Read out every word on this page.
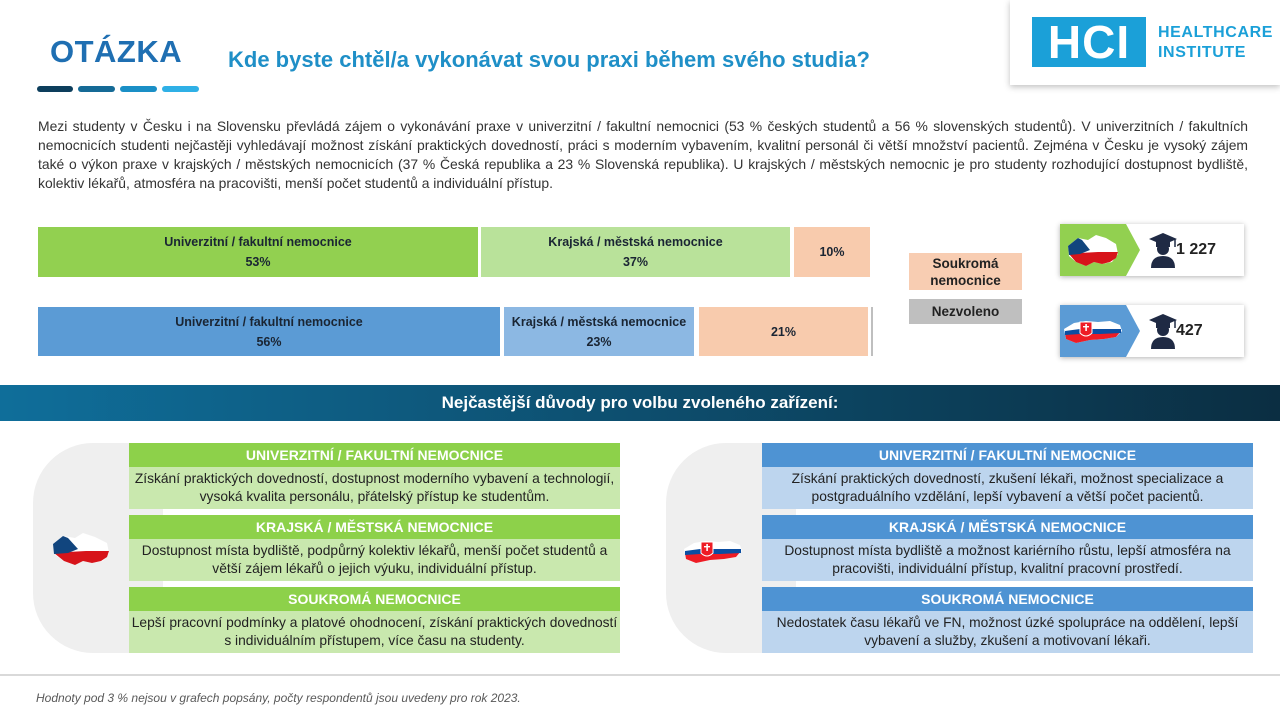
OTÁZKA Kde byste chtěl/a vykonávat svou praxi během svého studia?	HCI	HEALTHCARE
INSTITUTE
Mezi studenty v Česku i na Slovensku převládá zájem o vykonávání praxe v univerzitní / fakultní nemocnici (53 % českých studentů a 56 % slovenských studentů). V univerzitních / fakultních nemocnicích studenti nejčastěji vyhledávají možnost získání praktických dovedností, práci s moderním vybavením, kvalitní personál či větší množství pacientů. Zejména v Česku je vysoký zájem také o výkon praxe v krajských / městských nemocnicích (37 % Česká republika a 23 % Slovenská republika). U krajských / městských nemocnic je pro studenty rozhodující dostupnost bydliště, kolektiv lékařů, atmosféra na pracovišti, menší počet studentů a individuální přístup.
Univerzitní / fakultní nemocnice
53%
Krajská / městská nemocnice
37%
10%
Univerzitní / fakultní nemocnice
56%
Krajská / městská nemocnice
23%
21%
Soukromá nemocnice
Nezvoleno
1 227
427
Nejčastější důvody pro volbu zvoleného zařízení:
UNIVERZITNÍ / FAKULTNÍ NEMOCNICE
Získání praktických dovedností, dostupnost moderního vybavení a technologií, vysoká kvalita personálu, přátelský přístup ke studentům.
KRAJSKÁ / MĚSTSKÁ NEMOCNICE
Dostupnost místa bydliště, podpůrný kolektiv lékařů, menší počet studentů a větší zájem lékařů o jejich výuku, individuální přístup.
SOUKROMÁ NEMOCNICE
Lepší pracovní podmínky a platové ohodnocení, získání praktických dovedností s individuálním přístupem, více času na studenty.
UNIVERZITNÍ / FAKULTNÍ NEMOCNICE
Získání praktických dovedností, zkušení lékaři, možnost specializace a postgraduálního vzdělání, lepší vybavení a větší počet pacientů.
KRAJSKÁ / MĚSTSKÁ NEMOCNICE
Dostupnost místa bydliště a možnost kariérního růstu, lepší atmosféra na pracovišti, individuální přístup, kvalitní pracovní prostředí.
SOUKROMÁ NEMOCNICE
Nedostatek času lékařů ve FN, možnost úzké spolupráce na oddělení, lepší vybavení a služby, zkušení a motivovaní lékaři.
Hodnoty pod 3 % nejsou v grafech popsány, počty respondentů jsou uvedeny pro rok 2023.
